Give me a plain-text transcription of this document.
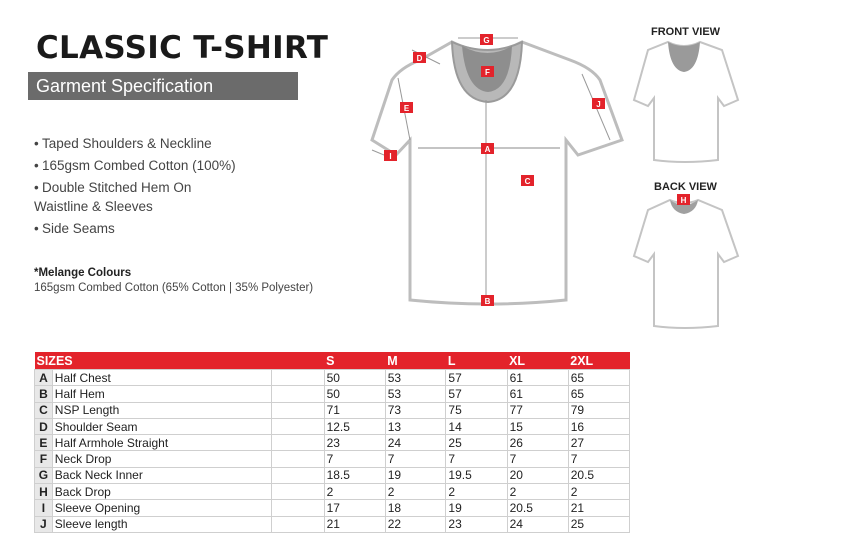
CLASSIC T-SHIRT
Garment Specification
• Taped Shoulders & Neckline
• 165gsm Combed Cotton (100%)
• Double Stitched Hem On Waistline & Sleeves
• Side Seams
*Melange Colours
165gsm Combed Cotton (65% Cotton | 35% Polyester)
FRONT VIEW
BACK VIEW
G
F
D
E	J
A
I
C
B
H
SIZES			S	M	L	XL	2XL
A	Half Chest		50	53	57	61	65
B	Half Hem		50	53	57	61	65
C	NSP Length		71	73	75	77	79
D	Shoulder Seam		12.5	13	14	15	16
E	Half Armhole Straight		23	24	25	26	27
F	Neck Drop		7	7	7	7	7
G	Back Neck Inner		18.5	19	19.5	20	20.5
H	Back Drop		2	2	2	2	2
I	Sleeve Opening		17	18	19	20.5	21
J	Sleeve length		21	22	23	24	25
